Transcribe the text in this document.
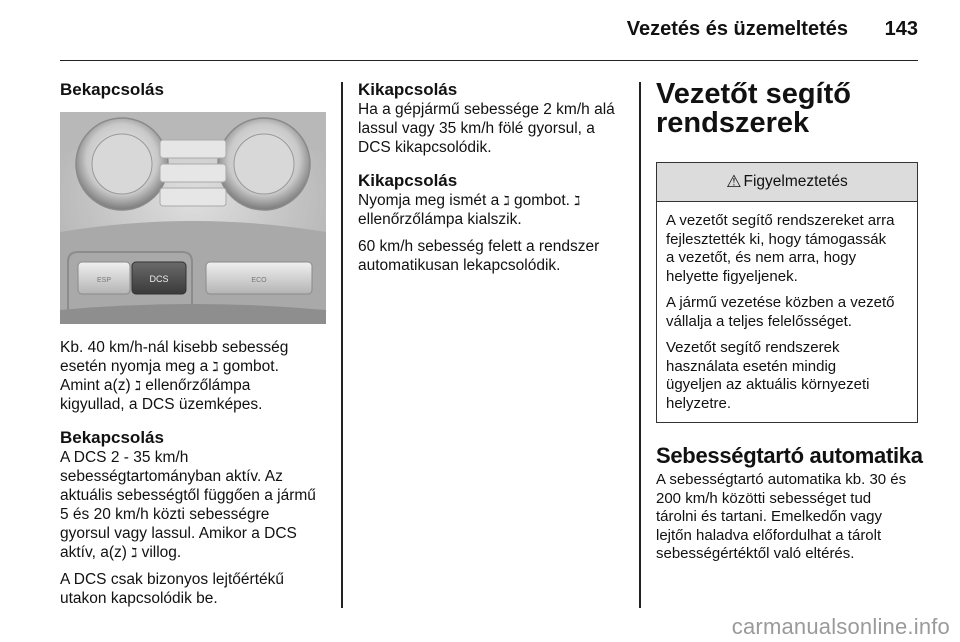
Vezetés és üzemeltetés 143

Bekapcsolás

ESP	DCS	ECO

Kb. 40 km/h-nál kisebb sebesség
esetén nyomja meg a ℷ gombot.
Amint a(z) ℷ ellenőrzőlámpa
kigyullad, a DCS üzemképes.

Bekapcsolás

A DCS 2 - 35 km/h
sebességtartományban aktív. Az
aktuális sebességtől függően a jármű
5 és 20 km/h közti sebességre
gyorsul vagy lassul. Amikor a DCS
aktív, a(z) ℷ villog.

A DCS csak bizonyos lejtőértékű
utakon kapcsolódik be.

Kikapcsolás

Ha a gépjármű sebessége 2 km/h alá
lassul vagy 35 km/h fölé gyorsul, a
DCS kikapcsolódik.

Kikapcsolás

Nyomja meg ismét a ℷ gombot. ℷ
ellenőrzőlámpa kialszik.

60 km/h sebesség felett a rendszer
automatikusan lekapcsolódik.

Vezetőt segítő
rendszerek
⚠ Figyelmeztetés

A vezetőt segítő rendszereket arra
fejlesztették ki, hogy támogassák
a vezetőt, és nem arra, hogy
helyette figyeljenek.

A jármű vezetése közben a vezető
vállalja a teljes felelősséget.

Vezetőt segítő rendszerek
használata esetén mindig
ügyeljen az aktuális környezeti
helyzetre.

Sebességtartó automatika

A sebességtartó automatika kb. 30 és
200 km/h közötti sebességet tud
tárolni és tartani. Emelkedőn vagy
lejtőn haladva előfordulhat a tárolt
sebességértéktől való eltérés.

carmanualsonline.info
